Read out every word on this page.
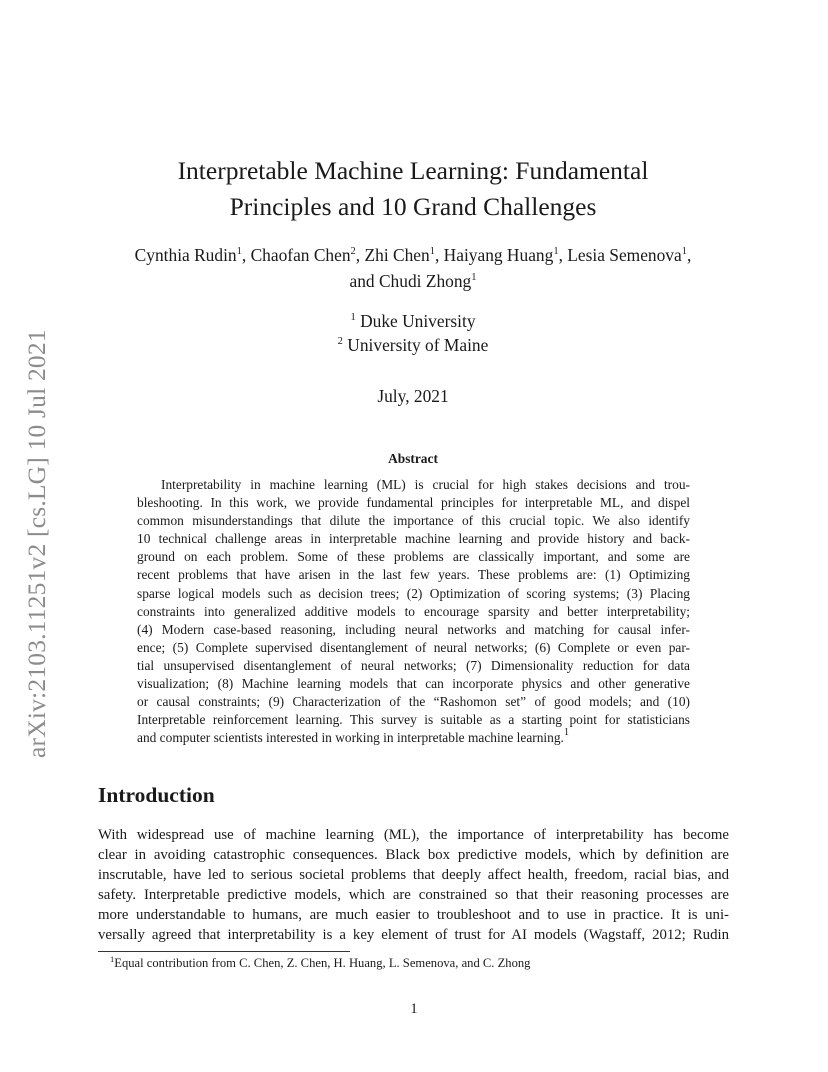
arXiv:2103.11251v2 [cs.LG] 10 Jul 2021
Interpretable Machine Learning: Fundamental
Principles and 10 Grand Challenges
Cynthia Rudin$^1$, Chaofan Chen$^2$, Zhi Chen$^1$, Haiyang Huang$^1$, Lesia Semenova$^1$,
and Chudi Zhong$^1$
$^1$ Duke University
$^2$ University of Maine
July, 2021
Abstract

Interpretability in machine learning (ML) is crucial for high stakes decisions and trou-
bleshooting. In this work, we provide fundamental principles for interpretable ML, and dispel
common misunderstandings that dilute the importance of this crucial topic. We also identify
10 technical challenge areas in interpretable machine learning and provide history and back-
ground on each problem. Some of these problems are classically important, and some are
recent problems that have arisen in the last few years. These problems are: (1) Optimizing
sparse logical models such as decision trees; (2) Optimization of scoring systems; (3) Placing
constraints into generalized additive models to encourage sparsity and better interpretability;
(4) Modern case-based reasoning, including neural networks and matching for causal infer-
ence; (5) Complete supervised disentanglement of neural networks; (6) Complete or even par-
tial unsupervised disentanglement of neural networks; (7) Dimensionality reduction for data
visualization; (8) Machine learning models that can incorporate physics and other generative
or causal constraints; (9) Characterization of the “Rashomon set” of good models; and (10)
Interpretable reinforcement learning. This survey is suitable as a starting point for statisticians
and computer scientists interested in working in interpretable machine learning.$^1$

Introduction

With widespread use of machine learning (ML), the importance of interpretability has become
clear in avoiding catastrophic consequences. Black box predictive models, which by definition are
inscrutable, have led to serious societal problems that deeply affect health, freedom, racial bias, and
safety. Interpretable predictive models, which are constrained so that their reasoning processes are
more understandable to humans, are much easier to troubleshoot and to use in practice. It is uni-
versally agreed that interpretability is a key element of trust for AI models (Wagstaff, 2012; Rudin

$^1$Equal contribution from C. Chen, Z. Chen, H. Huang, L. Semenova, and C. Zhong
1
